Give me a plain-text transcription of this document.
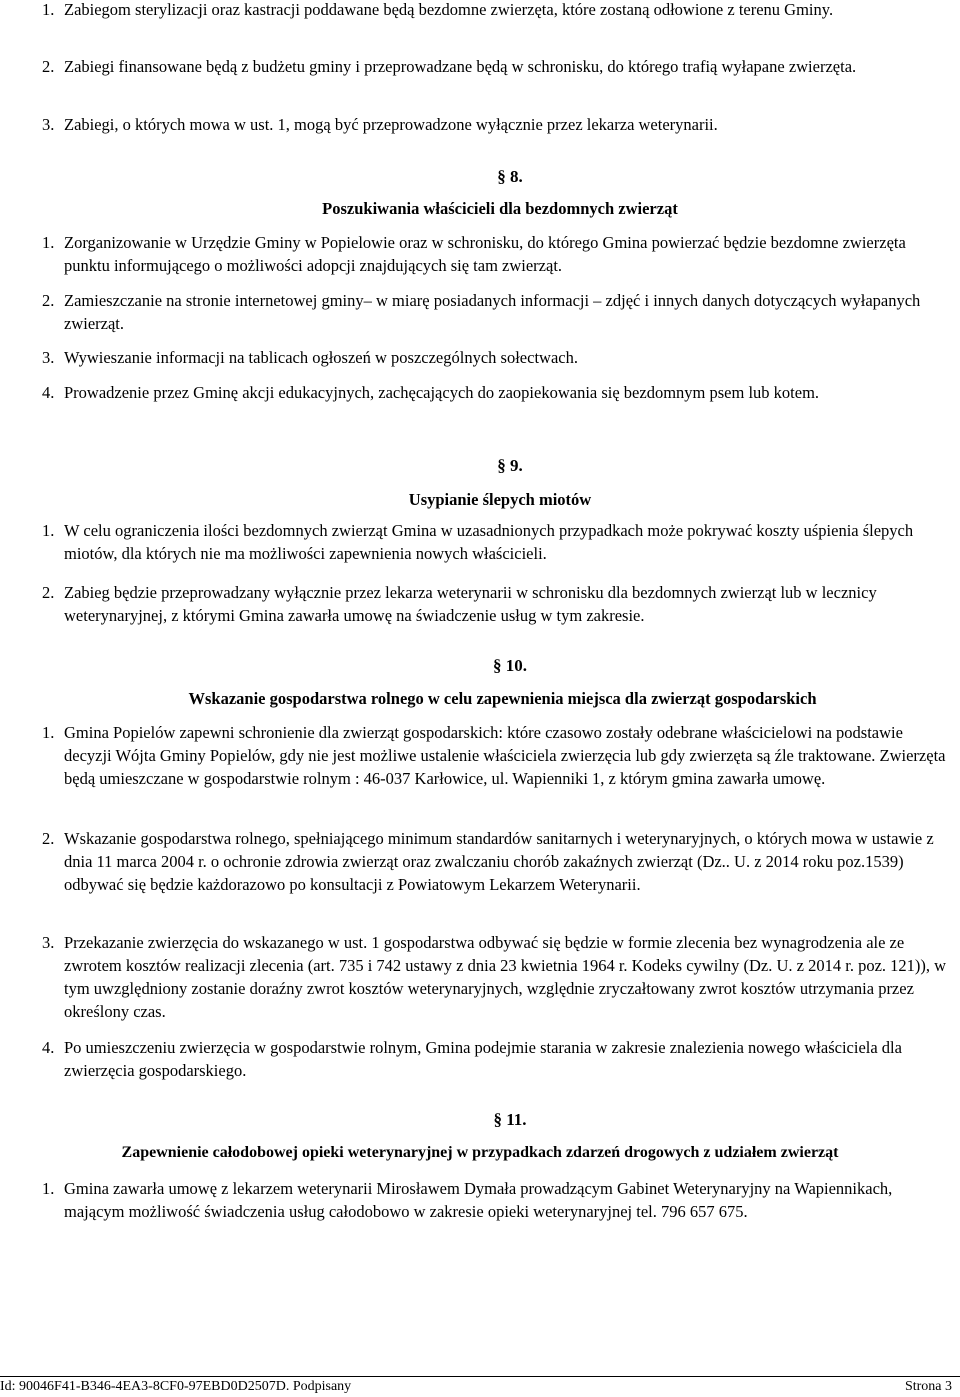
1. Zabiegom sterylizacji oraz kastracji poddawane będą bezdomne zwierzęta, które zostaną odłowione z terenu Gminy.

2. Zabiegi finansowane będą z budżetu gminy i przeprowadzane będą w schronisku, do którego trafią wyłapane zwierzęta.

3. Zabiegi, o których mowa w ust. 1, mogą być przeprowadzone wyłącznie przez lekarza weterynarii.

§ 8.
Poszukiwania właścicieli dla bezdomnych zwierząt

1. Zorganizowanie w Urzędzie Gminy w Popielowie oraz w schronisku, do którego Gmina powierzać będzie bezdomne zwierzęta punktu informującego o możliwości adopcji znajdujących się tam zwierząt.

2. Zamieszczanie na stronie internetowej gminy– w miarę posiadanych informacji – zdjęć i innych danych dotyczących wyłapanych zwierząt.

3. Wywieszanie informacji na tablicach ogłoszeń w poszczególnych sołectwach.

4. Prowadzenie przez Gminę akcji edukacyjnych, zachęcających do zaopiekowania się bezdomnym psem lub kotem.

§ 9.
Usypianie ślepych miotów

1. W celu ograniczenia ilości bezdomnych zwierząt Gmina w uzasadnionych przypadkach może pokrywać koszty uśpienia ślepych miotów, dla których nie ma możliwości zapewnienia nowych właścicieli.

2. Zabieg będzie przeprowadzany wyłącznie przez lekarza weterynarii w schronisku dla bezdomnych zwierząt lub w lecznicy weterynaryjnej, z którymi Gmina zawarła umowę na świadczenie usług w tym zakresie.

§ 10.
Wskazanie gospodarstwa rolnego w celu zapewnienia miejsca dla zwierząt gospodarskich

1. Gmina Popielów zapewni schronienie dla zwierząt gospodarskich: które czasowo zostały odebrane właścicielowi na podstawie decyzji Wójta Gminy Popielów, gdy nie jest możliwe ustalenie właściciela zwierzęcia lub gdy zwierzęta są źle traktowane. Zwierzęta będą umieszczane w gospodarstwie rolnym : 46-037 Karłowice, ul. Wapienniki 1, z którym gmina zawarła umowę.

2. Wskazanie gospodarstwa rolnego, spełniającego minimum standardów sanitarnych i weterynaryjnych, o których mowa w ustawie z dnia 11 marca 2004 r. o ochronie zdrowia zwierząt oraz zwalczaniu chorób zakaźnych zwierząt (Dz.. U. z 2014 roku poz.1539) odbywać się będzie każdorazowo po konsultacji z Powiatowym Lekarzem Weterynarii.

3. Przekazanie zwierzęcia do wskazanego w ust. 1 gospodarstwa odbywać się będzie w formie zlecenia bez wynagrodzenia ale ze zwrotem kosztów realizacji zlecenia (art. 735 i 742 ustawy z dnia 23 kwietnia 1964 r. Kodeks cywilny (Dz. U. z 2014 r. poz. 121)), w tym uwzględniony zostanie doraźny zwrot kosztów weterynaryjnych, względnie zryczałtowany zwrot kosztów utrzymania przez określony czas.

4. Po umieszczeniu zwierzęcia w gospodarstwie rolnym, Gmina podejmie starania w zakresie znalezienia nowego właściciela dla zwierzęcia gospodarskiego.

§ 11.
Zapewnienie całodobowej opieki weterynaryjnej w przypadkach zdarzeń drogowych z udziałem zwierząt

1. Gmina zawarła umowę z lekarzem weterynarii Mirosławem Dymała prowadzącym Gabinet Weterynaryjny na Wapiennikach, mającym możliwość świadczenia usług całodobowo w zakresie opieki weterynaryjnej tel. 796 657 675.

Id: 90046F41-B346-4EA3-8CF0-97EBD0D2507D. Podpisany	Strona 3
